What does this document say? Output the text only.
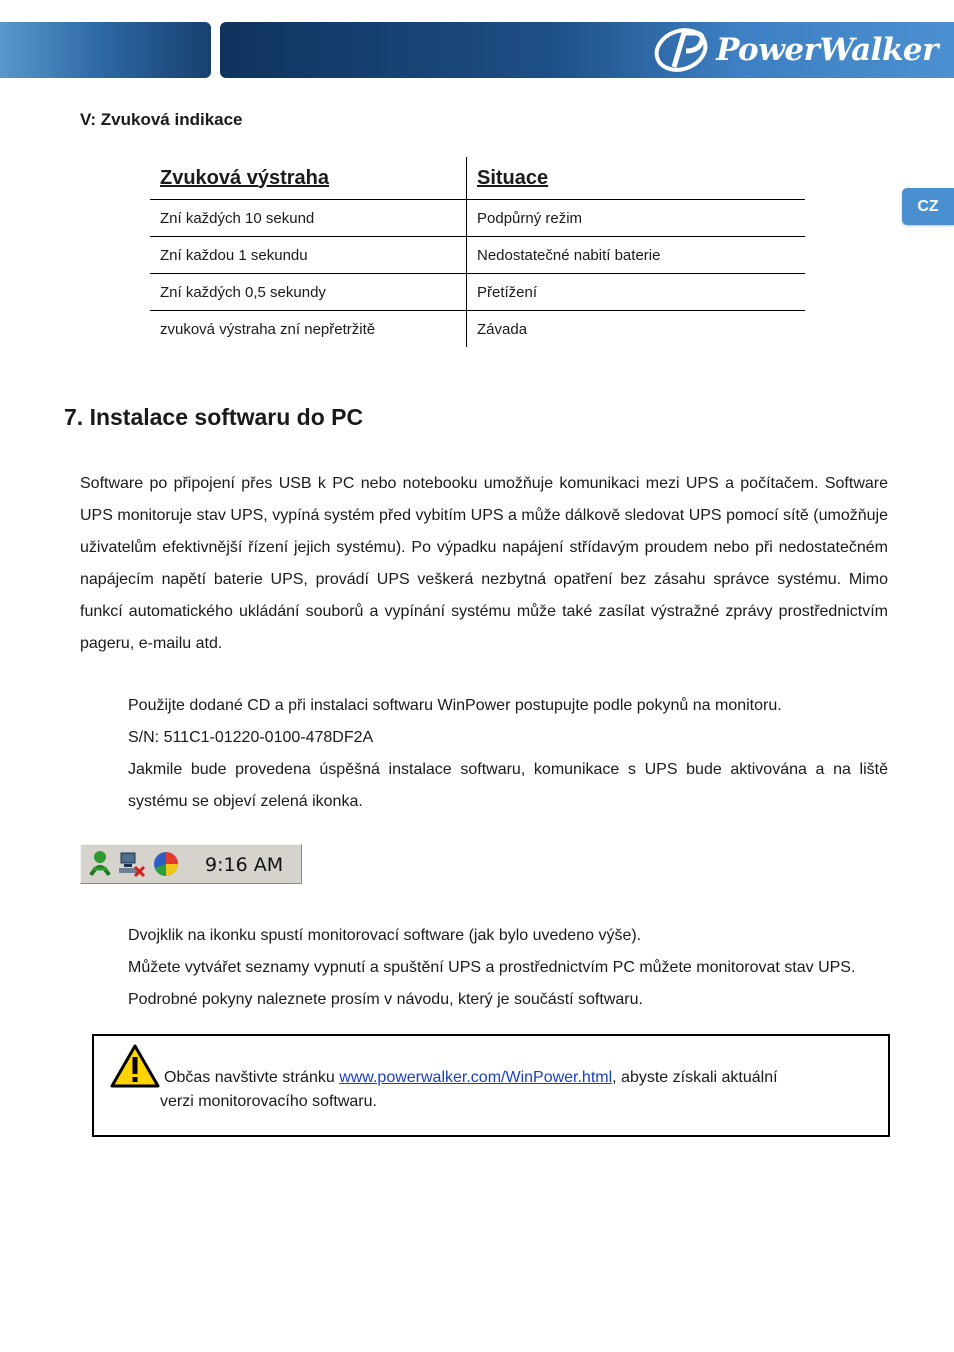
PowerWalker
CZ
V: Zvuková indikace
Zvuková výstraha	Situace
Zní každých 10 sekund	Podpůrný režim
Zní každou 1 sekundu	Nedostatečné nabití baterie
Zní každých 0,5 sekundy	Přetížení
zvuková výstraha zní nepřetržitě	Závada
7. Instalace softwaru do PC

Software po připojení přes USB k PC nebo notebooku umožňuje komunikaci mezi UPS a počítačem. Software UPS monitoruje stav UPS, vypíná systém před vybitím UPS a může dálkově sledovat UPS pomocí sítě (umožňuje uživatelům efektivnější řízení jejich systému). Po výpadku napájení střídavým proudem nebo při nedostatečném napájecím napětí baterie UPS, provádí UPS veškerá nezbytná opatření bez zásahu správce systému. Mimo funkcí automatického ukládání souborů a vypínání systému může také zasílat výstražné zprávy prostřednictvím pageru, e-mailu atd.

Použijte dodané CD a při instalaci softwaru WinPower postupujte podle pokynů na monitoru.
S/N: 511C1-01220-0100-478DF2A
Jakmile bude provedena úspěšná instalace softwaru, komunikace s UPS bude aktivována a na liště systému se objeví zelená ikonka.
9:16 AM
Dvojklik na ikonku spustí monitorovací software (jak bylo uvedeno výše).
Můžete vytvářet seznamy vypnutí a spuštění UPS a prostřednictvím PC můžete monitorovat stav UPS.
Podrobné pokyny naleznete prosím v návodu, který je součástí softwaru.
Občas navštivte stránku www.powerwalker.com/WinPower.html, abyste získali aktuální
verzi monitorovacího softwaru.
